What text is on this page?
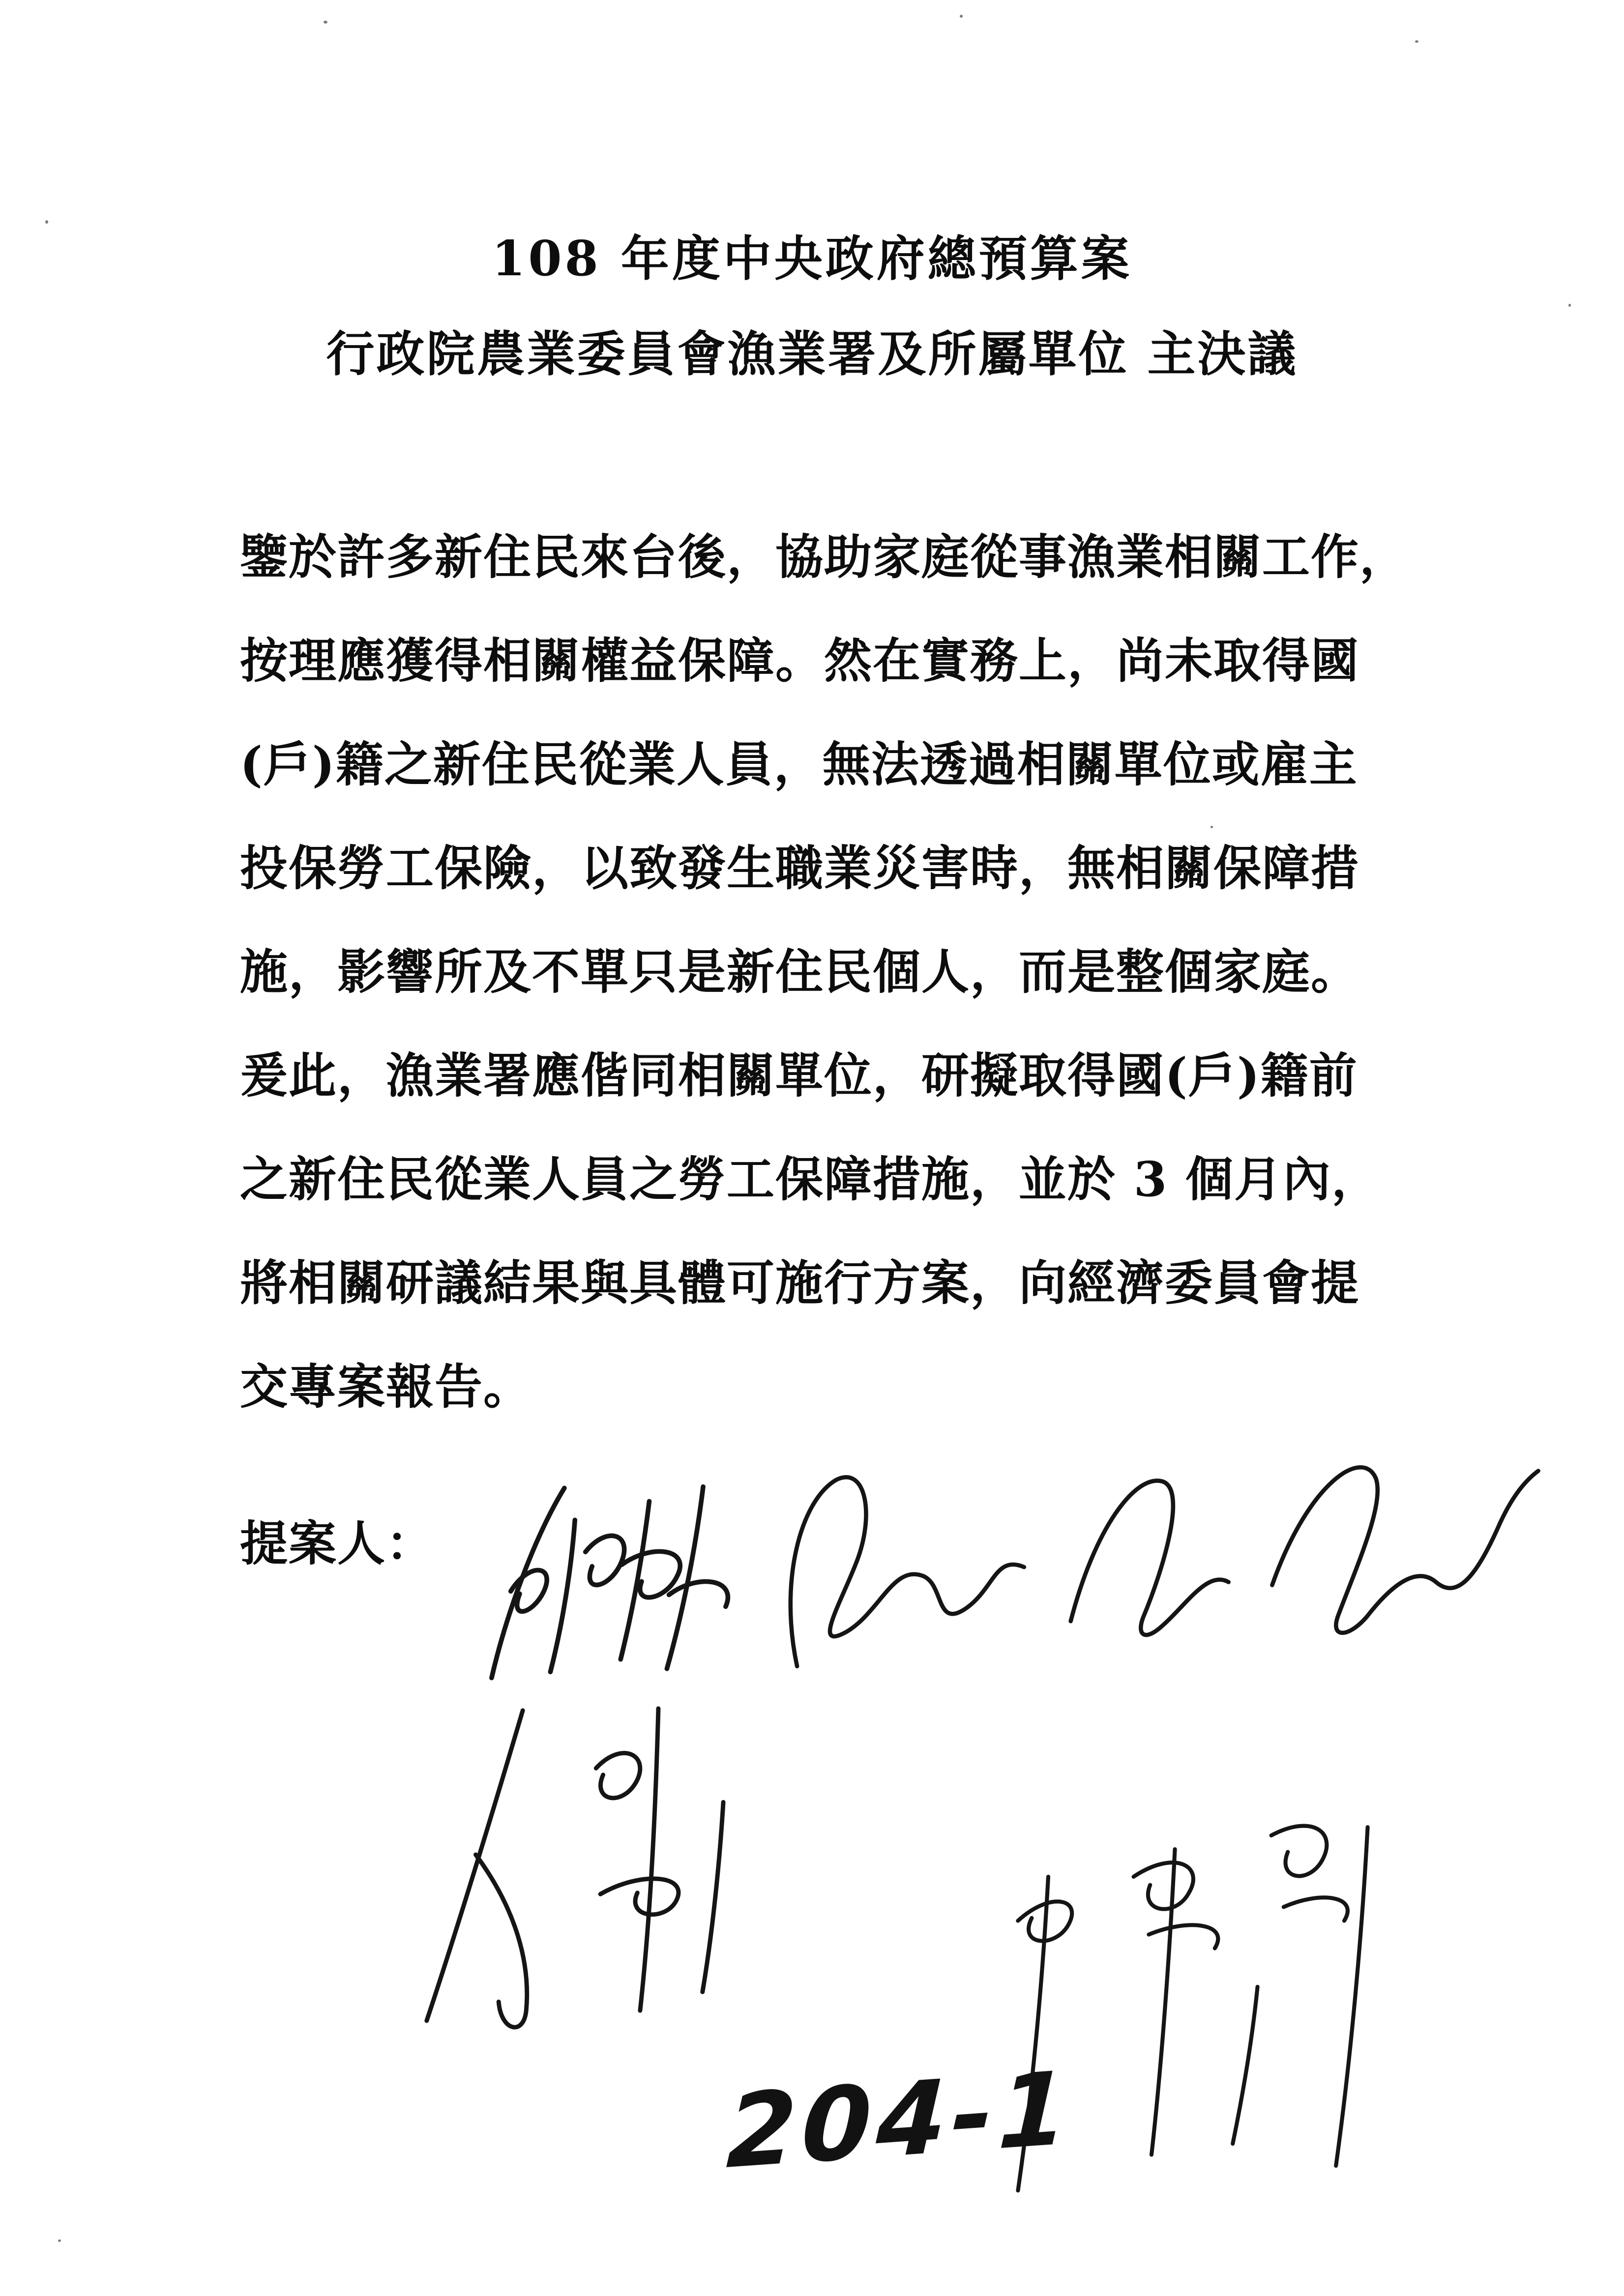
108 年度中央政府總預算案
行政院農業委員會漁業署及所屬單位 主決議
鑒於許多新住民來台後，協助家庭從事漁業相關工作，
按理應獲得相關權益保障。然在實務上，尚未取得國
(戶)籍之新住民從業人員，無法透過相關單位或雇主
投保勞工保險，以致發生職業災害時，無相關保障措
施，影響所及不單只是新住民個人，而是整個家庭。
爰此，漁業署應偕同相關單位，研擬取得國(戶)籍前
之新住民從業人員之勞工保障措施，並於 3 個月內，
將相關研議結果與具體可施行方案，向經濟委員會提
交專案報告。
提案人：
204-1
